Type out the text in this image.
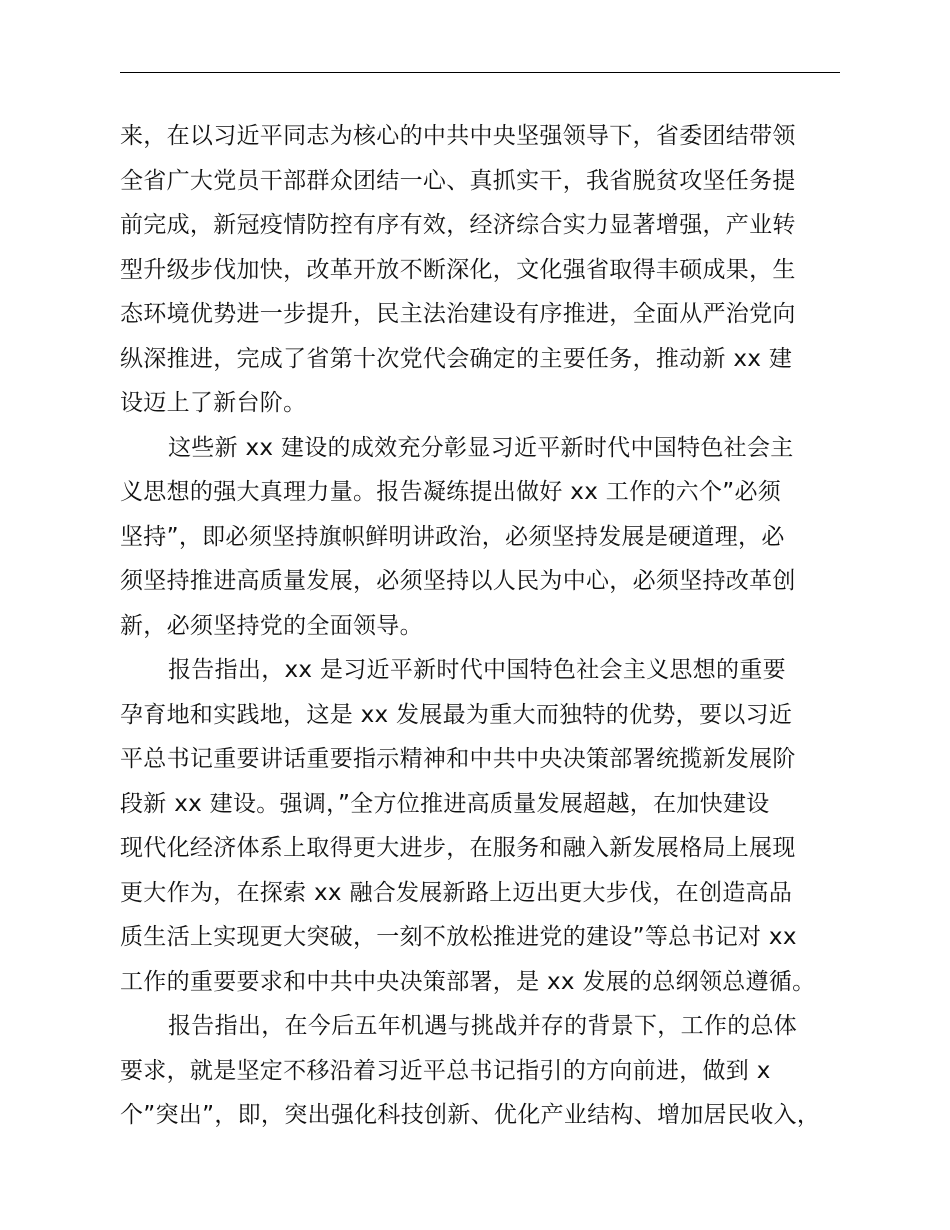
来，在以习近平同志为核心的中共中央坚强领导下，省委团结带领
全省广大党员干部群众团结一心、真抓实干，我省脱贫攻坚任务提
前完成，新冠疫情防控有序有效，经济综合实力显著增强，产业转
型升级步伐加快，改革开放不断深化，文化强省取得丰硕成果，生
态环境优势进一步提升，民主法治建设有序推进，全面从严治党向
纵深推进，完成了省第十次党代会确定的主要任务，推动新 xx 建
设迈上了新台阶。
这些新 xx 建设的成效充分彰显习近平新时代中国特色社会主
义思想的强大真理力量。报告凝练提出做好 xx 工作的六个”必须
坚持”，即必须坚持旗帜鲜明讲政治，必须坚持发展是硬道理，必
须坚持推进高质量发展，必须坚持以人民为中心，必须坚持改革创
新，必须坚持党的全面领导。
报告指出，xx 是习近平新时代中国特色社会主义思想的重要
孕育地和实践地，这是 xx 发展最为重大而独特的优势，要以习近
平总书记重要讲话重要指示精神和中共中央决策部署统揽新发展阶
段新 xx 建设。强调，”全方位推进高质量发展超越，在加快建设
现代化经济体系上取得更大进步，在服务和融入新发展格局上展现
更大作为，在探索 xx 融合发展新路上迈出更大步伐，在创造高品
质生活上实现更大突破，一刻不放松推进党的建设”等总书记对 xx
工作的重要要求和中共中央决策部署，是 xx 发展的总纲领总遵循。
报告指出，在今后五年机遇与挑战并存的背景下，工作的总体
要求，就是坚定不移沿着习近平总书记指引的方向前进，做到 x
个”突出”，即，突出强化科技创新、优化产业结构、增加居民收入，
